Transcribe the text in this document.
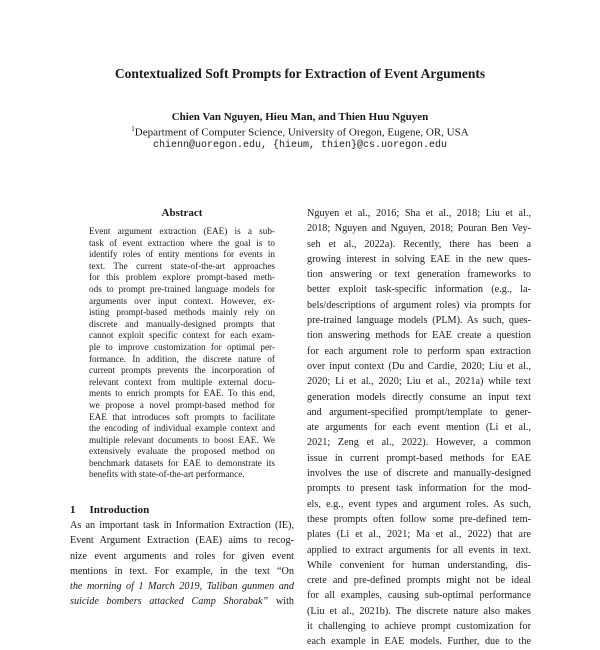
Contextualized Soft Prompts for Extraction of Event Arguments
Chien Van Nguyen, Hieu Man, and Thien Huu Nguyen
$^1$Department of Computer Science, University of Oregon, Eugene, OR, USA
chienn@uoregon.edu, {hieum, thien}@cs.uoregon.edu
Abstract
Event argument extraction (EAE) is a sub-
task of event extraction where the goal is to
identify roles of entity mentions for events in
text. The current state-of-the-art approaches
for this problem explore prompt-based meth-
ods to prompt pre-trained language models for
arguments over input context. However, ex-
isting prompt-based methods mainly rely on
discrete and manually-designed prompts that
cannot exploit specific context for each exam-
ple to improve customization for optimal per-
formance. In addition, the discrete nature of
current prompts prevents the incorporation of
relevant context from multiple external docu-
ments to enrich prompts for EAE. To this end,
we propose a novel prompt-based method for
EAE that introduces soft prompts to facilitate
the encoding of individual example context and
multiple relevant documents to boost EAE. We
extensively evaluate the proposed method on
benchmark datasets for EAE to demonstrate its
benefits with state-of-the-art performance.
1 Introduction
As an important task in Information Extraction (IE),
Event Argument Extraction (EAE) aims to recog-
nize event arguments and roles for given event
mentions in text. For example, in the text “On
the morning of 1 March 2019, Taliban gunmen and
suicide bombers attacked Camp Shorabak” with
Nguyen et al., 2016; Sha et al., 2018; Liu et al.,
2018; Nguyen and Nguyen, 2018; Pouran Ben Vey-
seh et al., 2022a). Recently, there has been a
growing interest in solving EAE in the new ques-
tion answering or text generation frameworks to
better exploit task-specific information (e.g., la-
bels/descriptions of argument roles) via prompts for
pre-trained language models (PLM). As such, ques-
tion answering methods for EAE create a question
for each argument role to perform span extraction
over input context (Du and Cardie, 2020; Liu et al.,
2020; Li et al., 2020; Liu et al., 2021a) while text
generation models directly consume an input text
and argument-specified prompt/template to gener-
ate arguments for each event mention (Li et al.,
2021; Zeng et al., 2022). However, a common
issue in current prompt-based methods for EAE
involves the use of discrete and manually-designed
prompts to present task information for the mod-
els, e.g., event types and argument roles. As such,
these prompts often follow some pre-defined tem-
plates (Li et al., 2021; Ma et al., 2022) that are
applied to extract arguments for all events in text.
While convenient for human understanding, dis-
crete and pre-defined prompts might not be ideal
for all examples, causing sub-optimal performance
(Liu et al., 2021b). The discrete nature also makes
it challenging to achieve prompt customization for
each example in EAE models. Further, due to the
